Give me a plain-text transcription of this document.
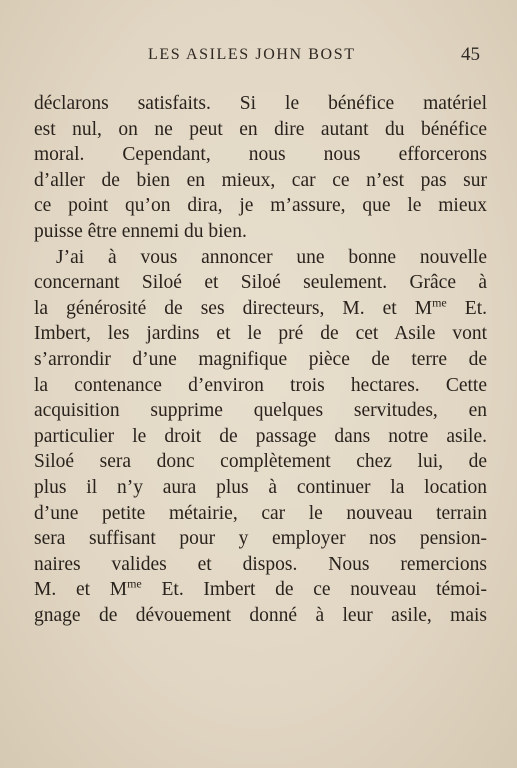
LES ASILES JOHN BOST	45
déclarons satisfaits. Si le bénéfice matériel
est nul, on ne peut en dire autant du bénéfice
moral. Cependant, nous nous efforcerons
d’aller de bien en mieux, car ce n’est pas sur
ce point qu’on dira, je m’assure, que le mieux
puisse être ennemi du bien.
J’ai à vous annoncer une bonne nouvelle
concernant Siloé et Siloé seulement. Grâce à
la générosité de ses directeurs, M. et $M^{me}$ Et.
Imbert, les jardins et le pré de cet Asile vont
s’arrondir d’une magnifique pièce de terre de
la contenance d’environ trois hectares. Cette
acquisition supprime quelques servitudes, en
particulier le droit de passage dans notre asile.
Siloé sera donc complètement chez lui, de
plus il n’y aura plus à continuer la location
d’une petite métairie, car le nouveau terrain
sera suffisant pour y employer nos pension-
naires valides et dispos. Nous remercions
M. et $M^{me}$ Et. Imbert de ce nouveau témoi-
gnage de dévouement donné à leur asile, mais
